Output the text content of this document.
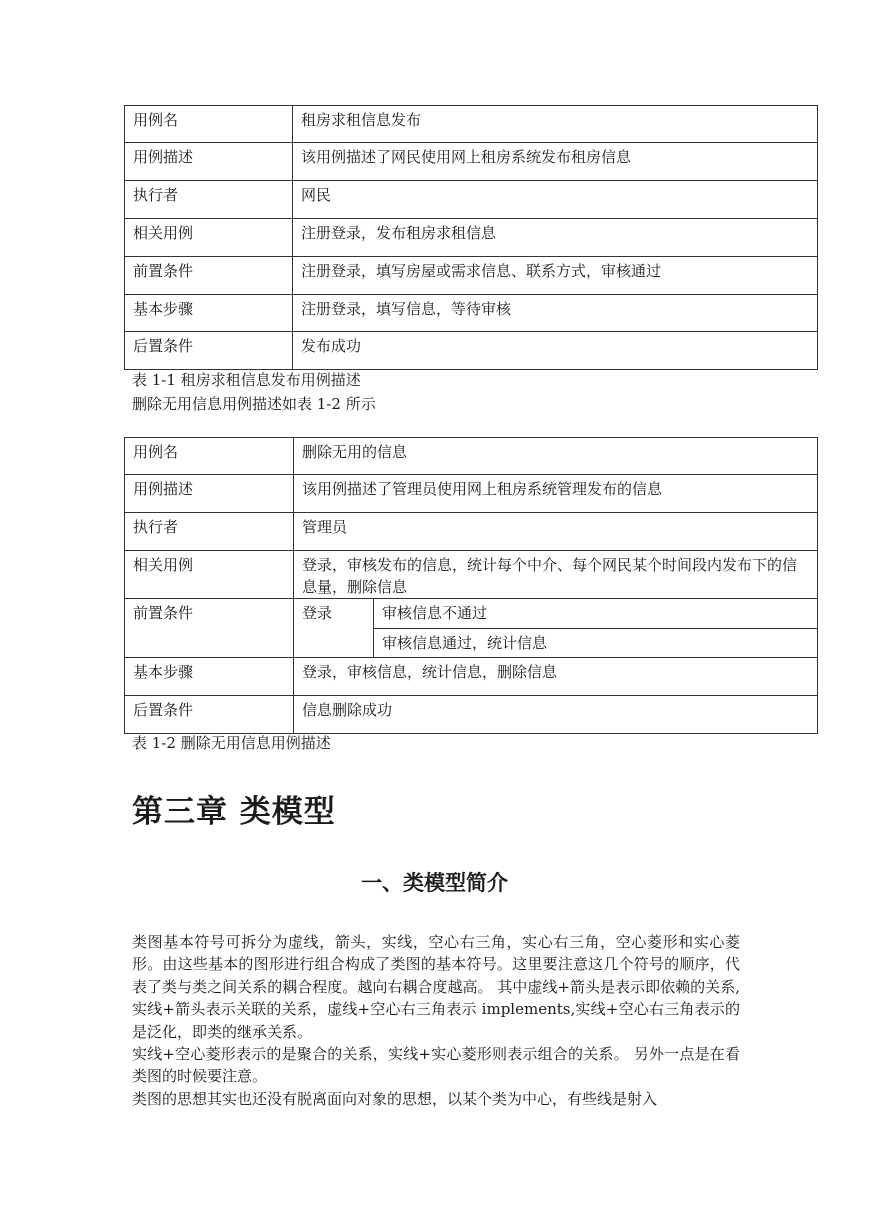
用例名	租房求租信息发布
用例描述	该用例描述了网民使用网上租房系统发布租房信息
执行者	网民
相关用例	注册登录，发布租房求租信息
前置条件	注册登录，填写房屋或需求信息、联系方式，审核通过
基本步骤	注册登录，填写信息，等待审核
后置条件	发布成功
表 1-1 租房求租信息发布用例描述
删除无用信息用例描述如表 1-2 所示
用例名	删除无用的信息	
用例描述	该用例描述了管理员使用网上租房系统管理发布的信息	
执行者	管理员	
相关用例	登录，审核发布的信息，统计每个中介、每个网民某个时间段内发布下的信息量，删除信息	
前置条件	登录	审核信息不通过
		审核信息通过，统计信息
基本步骤	登录，审核信息，统计信息，删除信息	
后置条件	信息删除成功	
表 1-2 删除无用信息用例描述
第三章 类模型
一、类模型简介

类图基本符号可拆分为虚线，箭头，实线，空心右三角，实心右三角，空心菱形和实心菱形。由这些基本的图形进行组合构成了类图的基本符号。这里要注意这几个符号的顺序，代表了类与类之间关系的耦合程度。越向右耦合度越高。 其中虚线+箭头是表示即依赖的关系,实线+箭头表示关联的关系，虚线+空心右三角表示 implements,实线+空心右三角表示的是泛化，即类的继承关系。

实线+空心菱形表示的是聚合的关系，实线+实心菱形则表示组合的关系。 另外一点是在看类图的时候要注意。

类图的思想其实也还没有脱离面向对象的思想，以某个类为中心，有些线是射入
